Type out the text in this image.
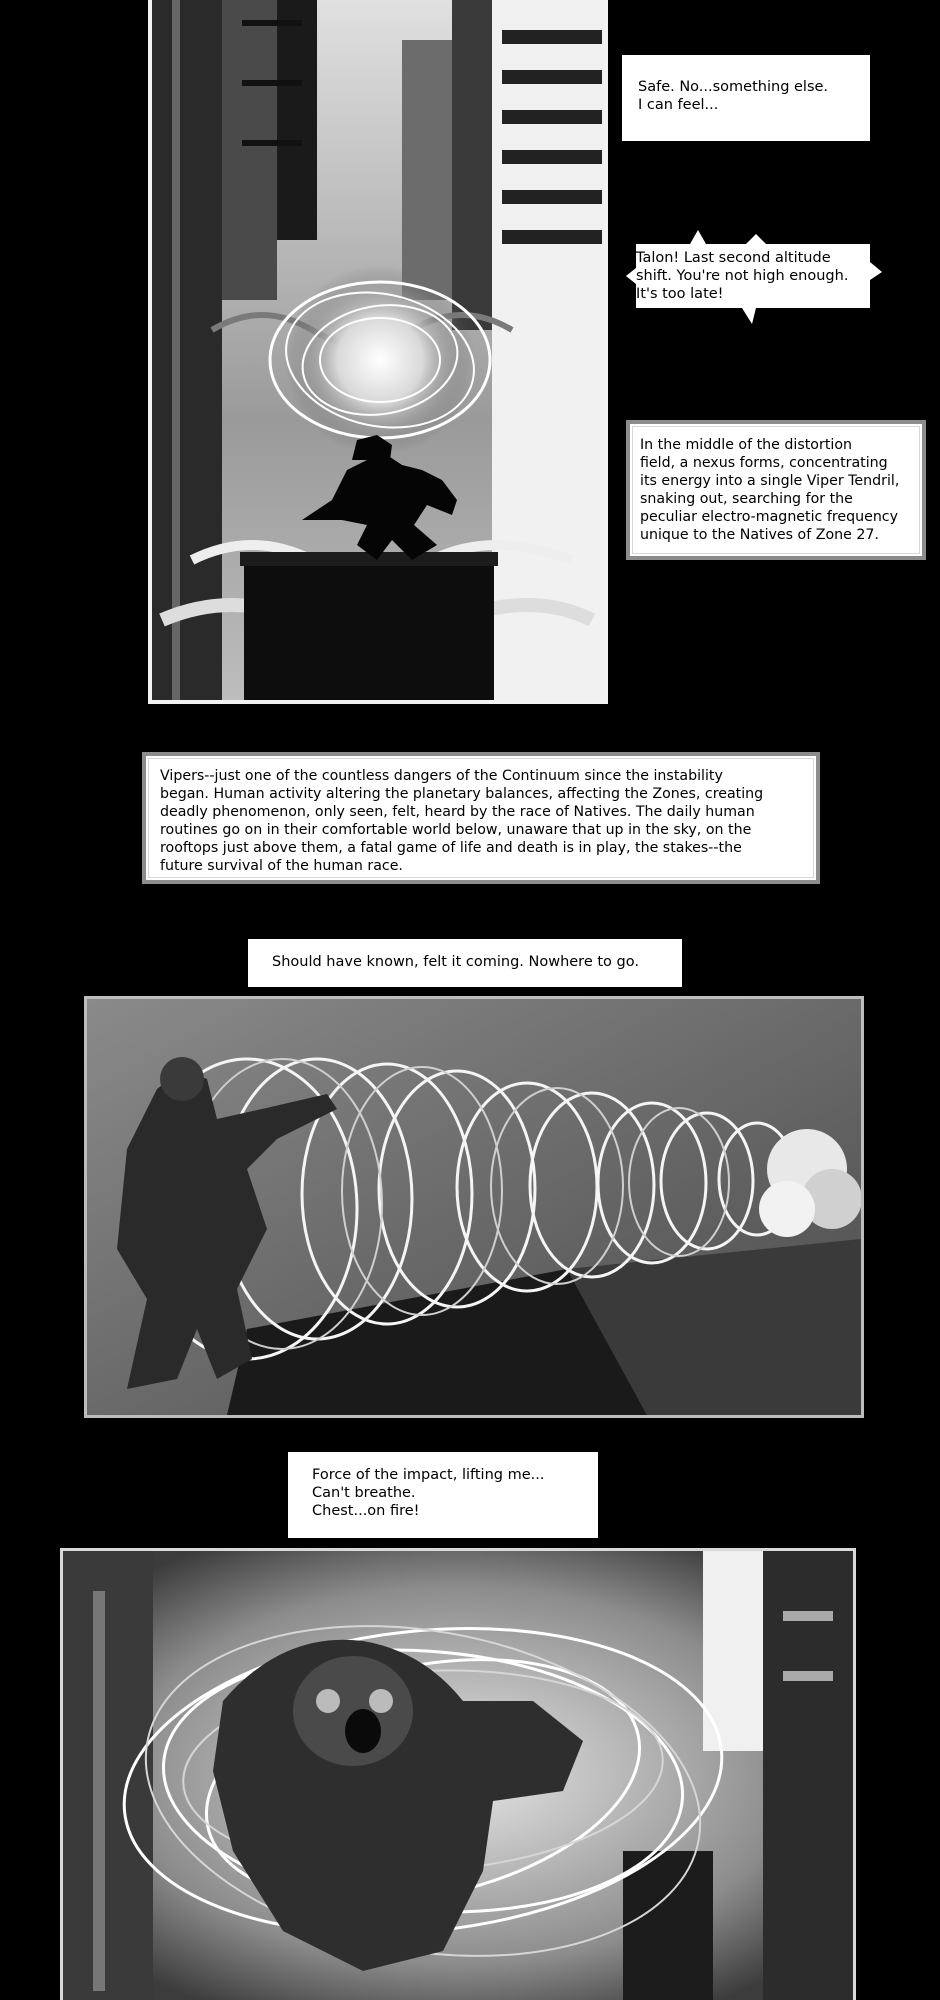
Safe. No...something else.
I can feel...
Talon! Last second altitude
shift. You're not high enough.
It's too late!
In the middle of the distortion
field, a nexus forms, concentrating
its energy into a single Viper Tendril,
snaking out, searching for the
peculiar electro-magnetic frequency
unique to the Natives of Zone 27.
Vipers--just one of the countless dangers of the Continuum since the instability
began. Human activity altering the planetary balances, affecting the Zones, creating
deadly phenomenon, only seen, felt, heard by the race of Natives. The daily human
routines go on in their comfortable world below, unaware that up in the sky, on the
rooftops just above them, a fatal game of life and death is in play, the stakes--the
future survival of the human race.
Should have known, felt it coming. Nowhere to go.
Force of the impact, lifting me...
Can't breathe.
Chest...on fire!
